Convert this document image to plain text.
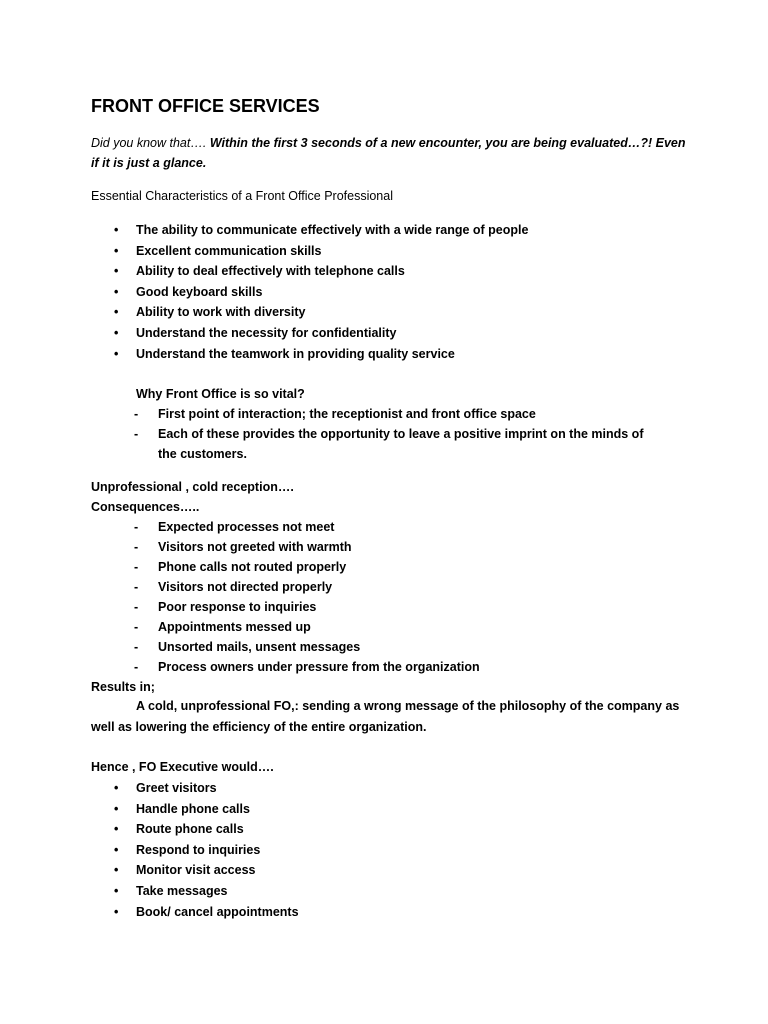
FRONT OFFICE SERVICES
Did you know that…. Within the first 3 seconds of a new encounter, you are being evaluated…?! Even if it is just a glance.
Essential Characteristics of a Front Office Professional
• The ability to communicate effectively with a wide range of people
• Excellent communication skills
• Ability to deal effectively with telephone calls
• Good keyboard skills
• Ability to work with diversity
• Understand the necessity for confidentiality
• Understand the teamwork in providing quality service
Why Front Office is so vital?
- First point of interaction; the receptionist and front office space
- Each of these provides the opportunity to leave a positive imprint on the minds of the customers.
Unprofessional , cold reception….
Consequences…..
- Expected processes not meet
- Visitors not greeted with warmth
- Phone calls not routed properly
- Visitors not directed properly
- Poor response to inquiries
- Appointments messed up
- Unsorted mails, unsent messages
- Process owners under pressure from the organization
Results in;
A cold, unprofessional FO,: sending a wrong message of the philosophy of the company as well as lowering the efficiency of the entire organization.
Hence , FO Executive would….
• Greet visitors
• Handle phone calls
• Route phone calls
• Respond to inquiries
• Monitor visit access
• Take messages
• Book/ cancel appointments
